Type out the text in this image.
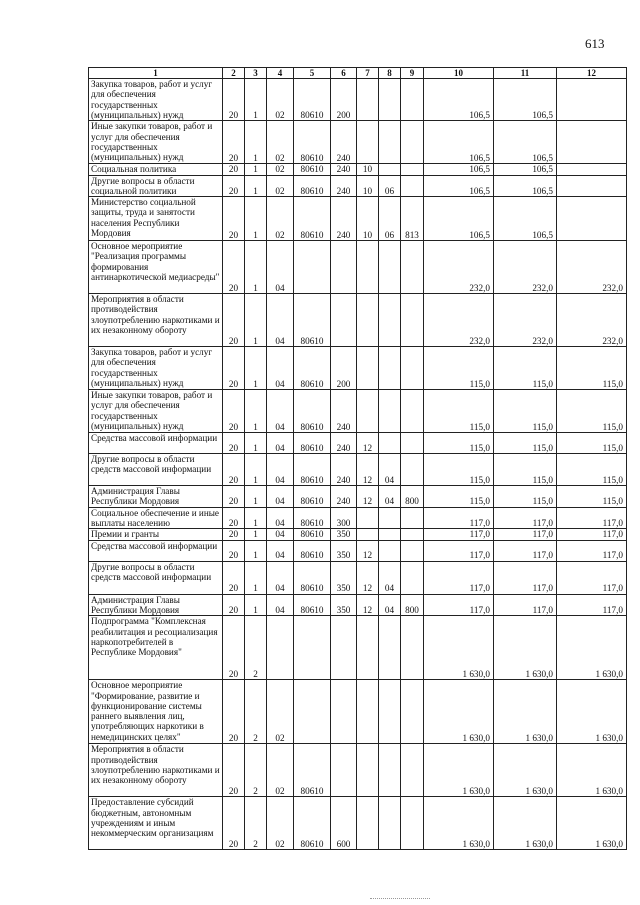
613
1	2	3	4	5	6	7	8	9	10	11	12
Закупка товаров, работ и услуг для обеспечения государственных (муниципальных) нужд	20	1	02	80610	200				106,5	106,5	
Иные закупки товаров, работ и услуг для обеспечения государственных (муниципальных) нужд	20	1	02	80610	240				106,5	106,5	
Социальная политика	20	1	02	80610	240	10			106,5	106,5	
Другие вопросы в области социальной политики	20	1	02	80610	240	10	06		106,5	106,5	
Министерство социальной защиты, труда и занятости населения Республики Мордовия	20	1	02	80610	240	10	06	813	106,5	106,5	
Основное мероприятие "Реализация программы формирования антинаркотической медиасреды"	20	1	04						232,0	232,0	232,0
Мероприятия в области противодействия злоупотреблению наркотиками и их незаконному обороту	20	1	04	80610					232,0	232,0	232,0
Закупка товаров, работ и услуг для обеспечения государственных (муниципальных) нужд	20	1	04	80610	200				115,0	115,0	115,0
Иные закупки товаров, работ и услуг для обеспечения государственных (муниципальных) нужд	20	1	04	80610	240				115,0	115,0	115,0
Средства массовой информации	20	1	04	80610	240	12			115,0	115,0	115,0
Другие вопросы в области средств массовой информации	20	1	04	80610	240	12	04		115,0	115,0	115,0
Администрация Главы Республики Мордовия	20	1	04	80610	240	12	04	800	115,0	115,0	115,0
Социальное обеспечение и иные выплаты населению	20	1	04	80610	300				117,0	117,0	117,0
Премии и гранты	20	1	04	80610	350				117,0	117,0	117,0
Средства массовой информации	20	1	04	80610	350	12			117,0	117,0	117,0
Другие вопросы в области средств массовой информации	20	1	04	80610	350	12	04		117,0	117,0	117,0
Администрация Главы Республики Мордовия	20	1	04	80610	350	12	04	800	117,0	117,0	117,0
Подпрограмма "Комплексная реабилитация и ресоциализация наркопотребителей в Республике Мордовия"	20	2							1 630,0	1 630,0	1 630,0
Основное мероприятие "Формирование, развитие и функционирование системы раннего выявления лиц, употребляющих наркотики в немедицинских целях"	20	2	02						1 630,0	1 630,0	1 630,0
Мероприятия в области противодействия злоупотреблению наркотиками и их незаконному обороту	20	2	02	80610					1 630,0	1 630,0	1 630,0
Предоставление субсидий бюджетным, автономным учреждениям и иным некоммерческим организациям	20	2	02	80610	600				1 630,0	1 630,0	1 630,0
